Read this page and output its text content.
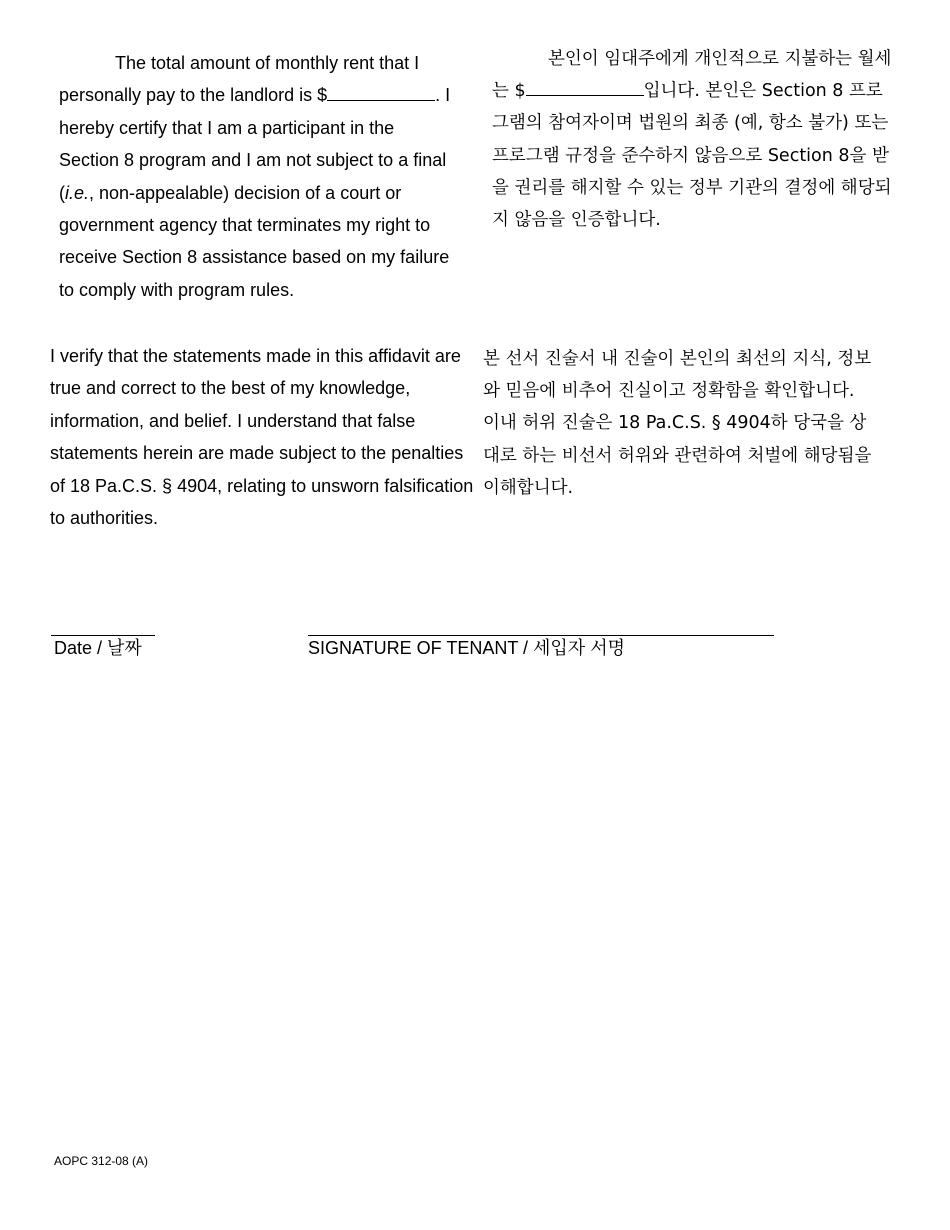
The total amount of monthly rent that I personally pay to the landlord is $	. I hereby certify that I am a participant in the Section 8 program and I am not subject to a final (i.e., non-appealable) decision of a court or government agency that terminates my right to receive Section 8 assistance based on my failure to comply with program rules.
본인이 임대주에게 개인적으로 지불하는 월세는 $	입니다. 본인은 Section 8 프로그램의 참여자이며 법원의 최종 (예, 항소 불가) 또는 프로그램 규정을 준수하지 않음으로 Section 8을 받을 권리를 해지할 수 있는 정부 기관의 결정에 해당되지 않음을 인증합니다.
I verify that the statements made in this affidavit are true and correct to the best of my knowledge, information, and belief. I understand that false statements herein are made subject to the penalties of 18 Pa.C.S. § 4904, relating to unsworn falsification to authorities.
본 선서 진술서 내 진술이 본인의 최선의 지식, 정보와 믿음에 비추어 진실이고 정확함을 확인합니다. 이내 허위 진술은 18 Pa.C.S. § 4904하 당국을 상대로 하는 비선서 허위와 관련하여 처벌에 해당됨을 이해합니다.
Date / 날짜	SIGNATURE OF TENANT / 세입자 서명
AOPC 312-08 (A)
